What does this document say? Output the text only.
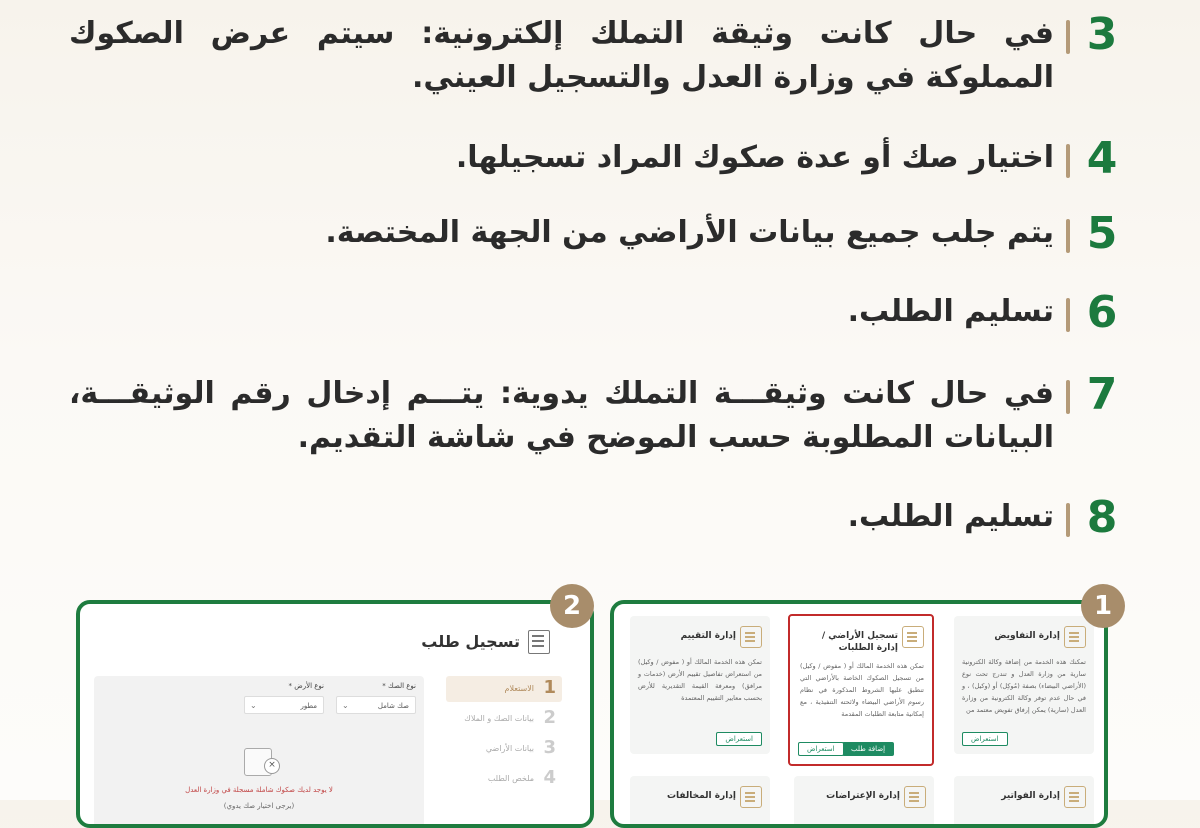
3
في حال كانت وثيقة التملك إلكترونية: سيتم عرض الصكوك المملوكة في وزارة العدل والتسجيل العيني.
4
اختيار صك أو عدة صكوك المراد تسجيلها.
5
يتم جلب جميع بيانات الأراضي من الجهة المختصة.
6
تسليم الطلب.
7
في حال كانت وثيقـــة التملك يدوية: يتـــم إدخال رقم الوثيقـــة، البيانات المطلوبة حسب الموضح في شاشة التقديم.
8
تسليم الطلب.
2
تسجيل طلب
1
الاستعلام
2
بيانات الصك و الملاك
3
بيانات الأراضي
4
ملخص الطلب
نوع الصك *
صك شامل
⌄
نوع الأرض *
مطور
⌄
×
لا يوجد لديك صكوك شاملة مسجلة في وزارة العدل
(يرجى اختيار صك يدوي)
1
إدارة التفاويض
تمكنك هذه الخدمة من إضافة وكالة الكترونية سارية من وزارة العدل و تندرج تحت نوع (الأراضي البيضاء) بصفة (مُوكِل) أو (وكيل) ، و في حال عدم توفر وكالة الكترونية من وزارة العدل (سارية) يمكن إرفاق تفويض معتمد من
استعراض
تسجيل الأراضي / إدارة الطلبات
تمكن هذه الخدمة المالك أو ( مفوض / وكيل) من تسجيل الصكوك الخاصة بالأراضي التي تنطبق عليها الشروط المذكورة في نظام رسوم الأراضي البيضاء ولائحته التنفيذية ، مع إمكانية متابعة الطلبات المقدمة
إضافة طلب
استعراض
إدارة التقييم
تمكن هذه الخدمة المالك أو ( مفوض / وكيل) من استعراض تفاصيل تقييم الأرض (خدمات و مرافق) ومعرفة القيمة التقديرية للأرض بحسب معايير التقييم المعتمدة
استعراض
إدارة الفواتير
إدارة الإعتراضات
إدارة المخالفات
